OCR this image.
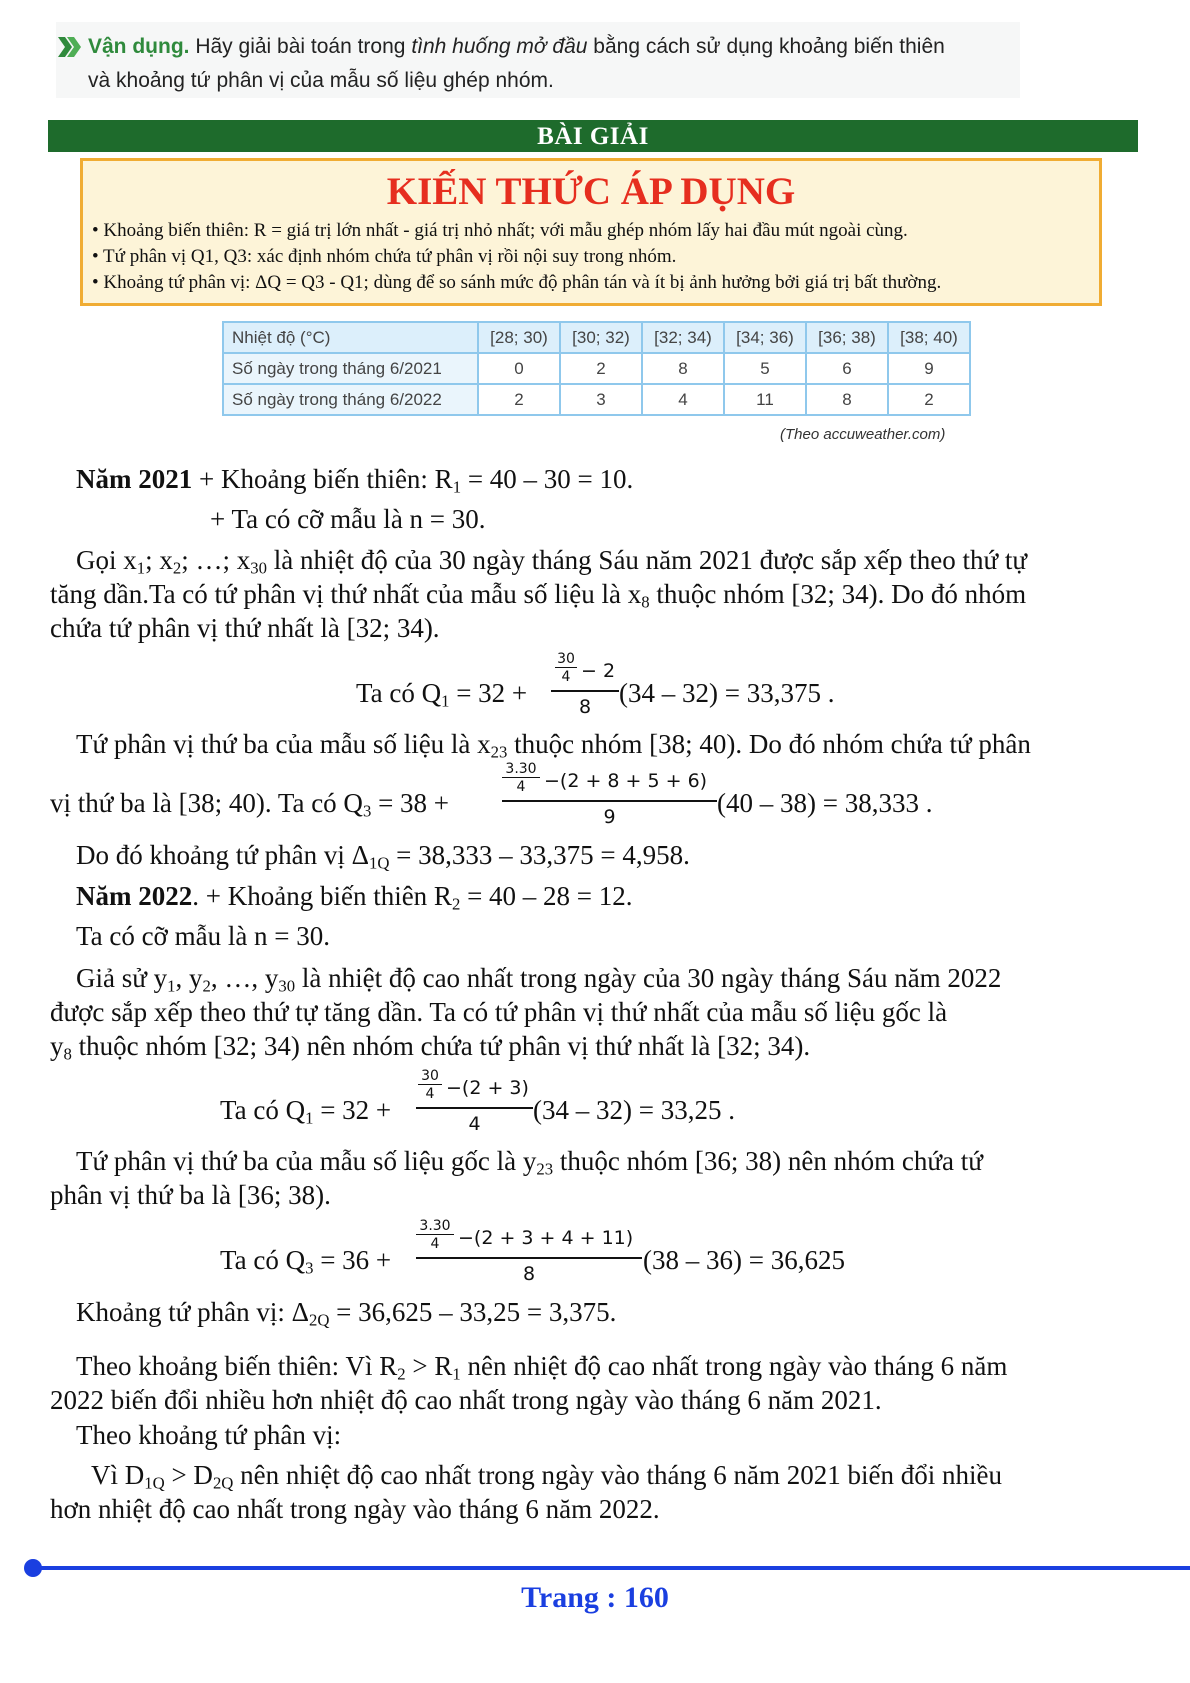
Vận dụng. Hãy giải bài toán trong tình huống mở đầu bằng cách sử dụng khoảng biến thiên
và khoảng tứ phân vị của mẫu số liệu ghép nhóm.
BÀI GIẢI
KIẾN THỨC ÁP DỤNG
• Khoảng biến thiên: R = giá trị lớn nhất - giá trị nhỏ nhất; với mẫu ghép nhóm lấy hai đầu mút ngoài cùng.
• Tứ phân vị Q1, Q3: xác định nhóm chứa tứ phân vị rồi nội suy trong nhóm.
• Khoảng tứ phân vị: ΔQ = Q3 - Q1; dùng để so sánh mức độ phân tán và ít bị ảnh hưởng bởi giá trị bất thường.
Nhiệt độ (°C)	[28; 30)	[30; 32)	[32; 34)	[34; 36)	[36; 38)	[38; 40)
Số ngày trong tháng 6/2021	0	2	8	5	6	9
Số ngày trong tháng 6/2022	2	3	4	11	8	2
(Theo accuweather.com)
Năm 2021 + Khoảng biến thiên: $R_1 = 40 - 30 = 10$.
+ Ta có cỡ mẫu là n = 30.
Gọi $x_1$; $x_2$; …; $x_{30}$ là nhiệt độ của 30 ngày tháng Sáu năm 2021 được sắp xếp theo thứ tự
tăng dần.Ta có tứ phân vị thứ nhất của mẫu số liệu là $x_8$ thuộc nhóm [32; 34). Do đó nhóm
chứa tứ phân vị thứ nhất là [32; 34).
Ta có $Q_1 = 32$ +
30
4 − 2
8	(34 – 32) = 33,375 .
Tứ phân vị thứ ba của mẫu số liệu là $x_{23}$ thuộc nhóm [38; 40). Do đó nhóm chứa tứ phân
vị thứ ba là [38; 40). Ta có $Q_3 = 38$ +
3.30
4 −(2 + 8 + 5 + 6)
9	(40 – 38) = 38,333 .
Do đó khoảng tứ phân vị $\Delta_{1Q} = 38,333 - 33,375 = 4,958$.
Năm 2022. + Khoảng biến thiên $R_2 = 40 - 28 = 12$.
Ta có cỡ mẫu là n = 30.
Giả sử $y_1$, $y_2$, …, $y_{30}$ là nhiệt độ cao nhất trong ngày của 30 ngày tháng Sáu năm 2022
được sắp xếp theo thứ tự tăng dần. Ta có tứ phân vị thứ nhất của mẫu số liệu gốc là
$y_8$ thuộc nhóm [32; 34) nên nhóm chứa tứ phân vị thứ nhất là [32; 34).
Ta có $Q_1 = 32$ +
30
4 −(2 + 3)
4	(34 – 32) = 33,25 .
Tứ phân vị thứ ba của mẫu số liệu gốc là $y_{23}$ thuộc nhóm [36; 38) nên nhóm chứa tứ
phân vị thứ ba là [36; 38).
Ta có $Q_3 = 36$ +
3.30
4 −(2 + 3 + 4 + 11)
8	(38 – 36) = 36,625
Khoảng tứ phân vị: $\Delta_{2Q} = 36,625 - 33,25 = 3,375$.
Theo khoảng biến thiên: Vì $R_2 > R_1$ nên nhiệt độ cao nhất trong ngày vào tháng 6 năm
2022 biến đổi nhiều hơn nhiệt độ cao nhất trong ngày vào tháng 6 năm 2021.
Theo khoảng tứ phân vị:
Vì $D_{1Q} > D_{2Q}$ nên nhiệt độ cao nhất trong ngày vào tháng 6 năm 2021 biến đổi nhiều
hơn nhiệt độ cao nhất trong ngày vào tháng 6 năm 2022.
Trang : 160
